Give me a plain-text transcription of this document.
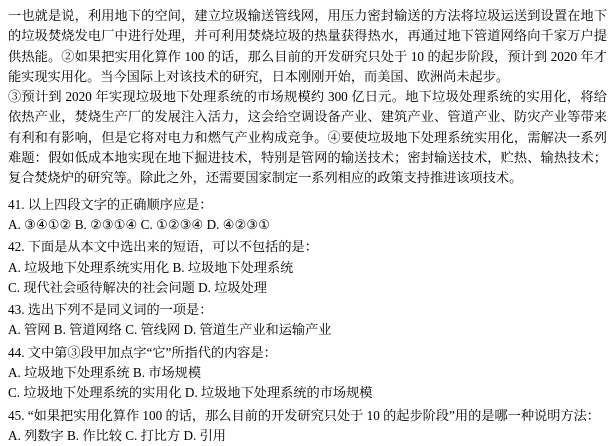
一也就是说，利用地下的空间，建立垃圾输送管线网，用压力密封输送的方法将垃圾运送到设置在地下的垃圾焚烧发电厂中进行处理，并可利用焚烧垃圾的热量获得热水，再通过地下管道网络向千家万户提供热能。②如果把实用化算作 100 的话，那么目前的开发研究只处于 10 的起步阶段，预计到 2020 年才能实现实用化。当今国际上对该技术的研究，日本刚刚开始，而美国、欧洲尚未起步。

③预计到 2020 年实现垃圾地下处理系统的市场规模约 300 亿日元。地下垃圾处理系统的实用化，将给依热产业，焚烧生产厂的发展注入活力，这会给空调设备产业、建筑产业、管道产业、防灾产业等带来有利和有影响，但是它将对电力和燃气产业构成竞争。④要使垃圾地下处理系统实用化，需解决一系列难题：假如低成本地实现在地下掘进技术，特别是管网的输送技术；密封输送技术，贮热、输热技术；复合焚烧炉的研究等。除此之外，还需要国家制定一系列相应的政策支持推进该项技术。

41. 以上四段文字的正确顺序应是：

A. ③④①② B. ②③①④ C. ①②③④ D. ④②③①

42. 下面是从本文中选出来的短语，可以不包括的是：

A. 垃圾地下处理系统实用化 B. 垃圾地下处理系统
C. 现代社会亟待解决的社会问题 D. 垃圾处理

43. 选出下列不是同义词的一项是：

A. 管网 B. 管道网络 C. 管线网 D. 管道生产业和运输产业

44. 文中第③段甲加点字“它”所指代的内容是：

A. 垃圾地下处理系统 B. 市场规模
C. 垃圾地下处理系统的实用化 D. 垃圾地下处理系统的市场规模

45. “如果把实用化算作 100 的话，那么目前的开发研究只处于 10 的起步阶段”用的是哪一种说明方法：

A. 列数字 B. 作比较 C. 打比方 D. 引用
